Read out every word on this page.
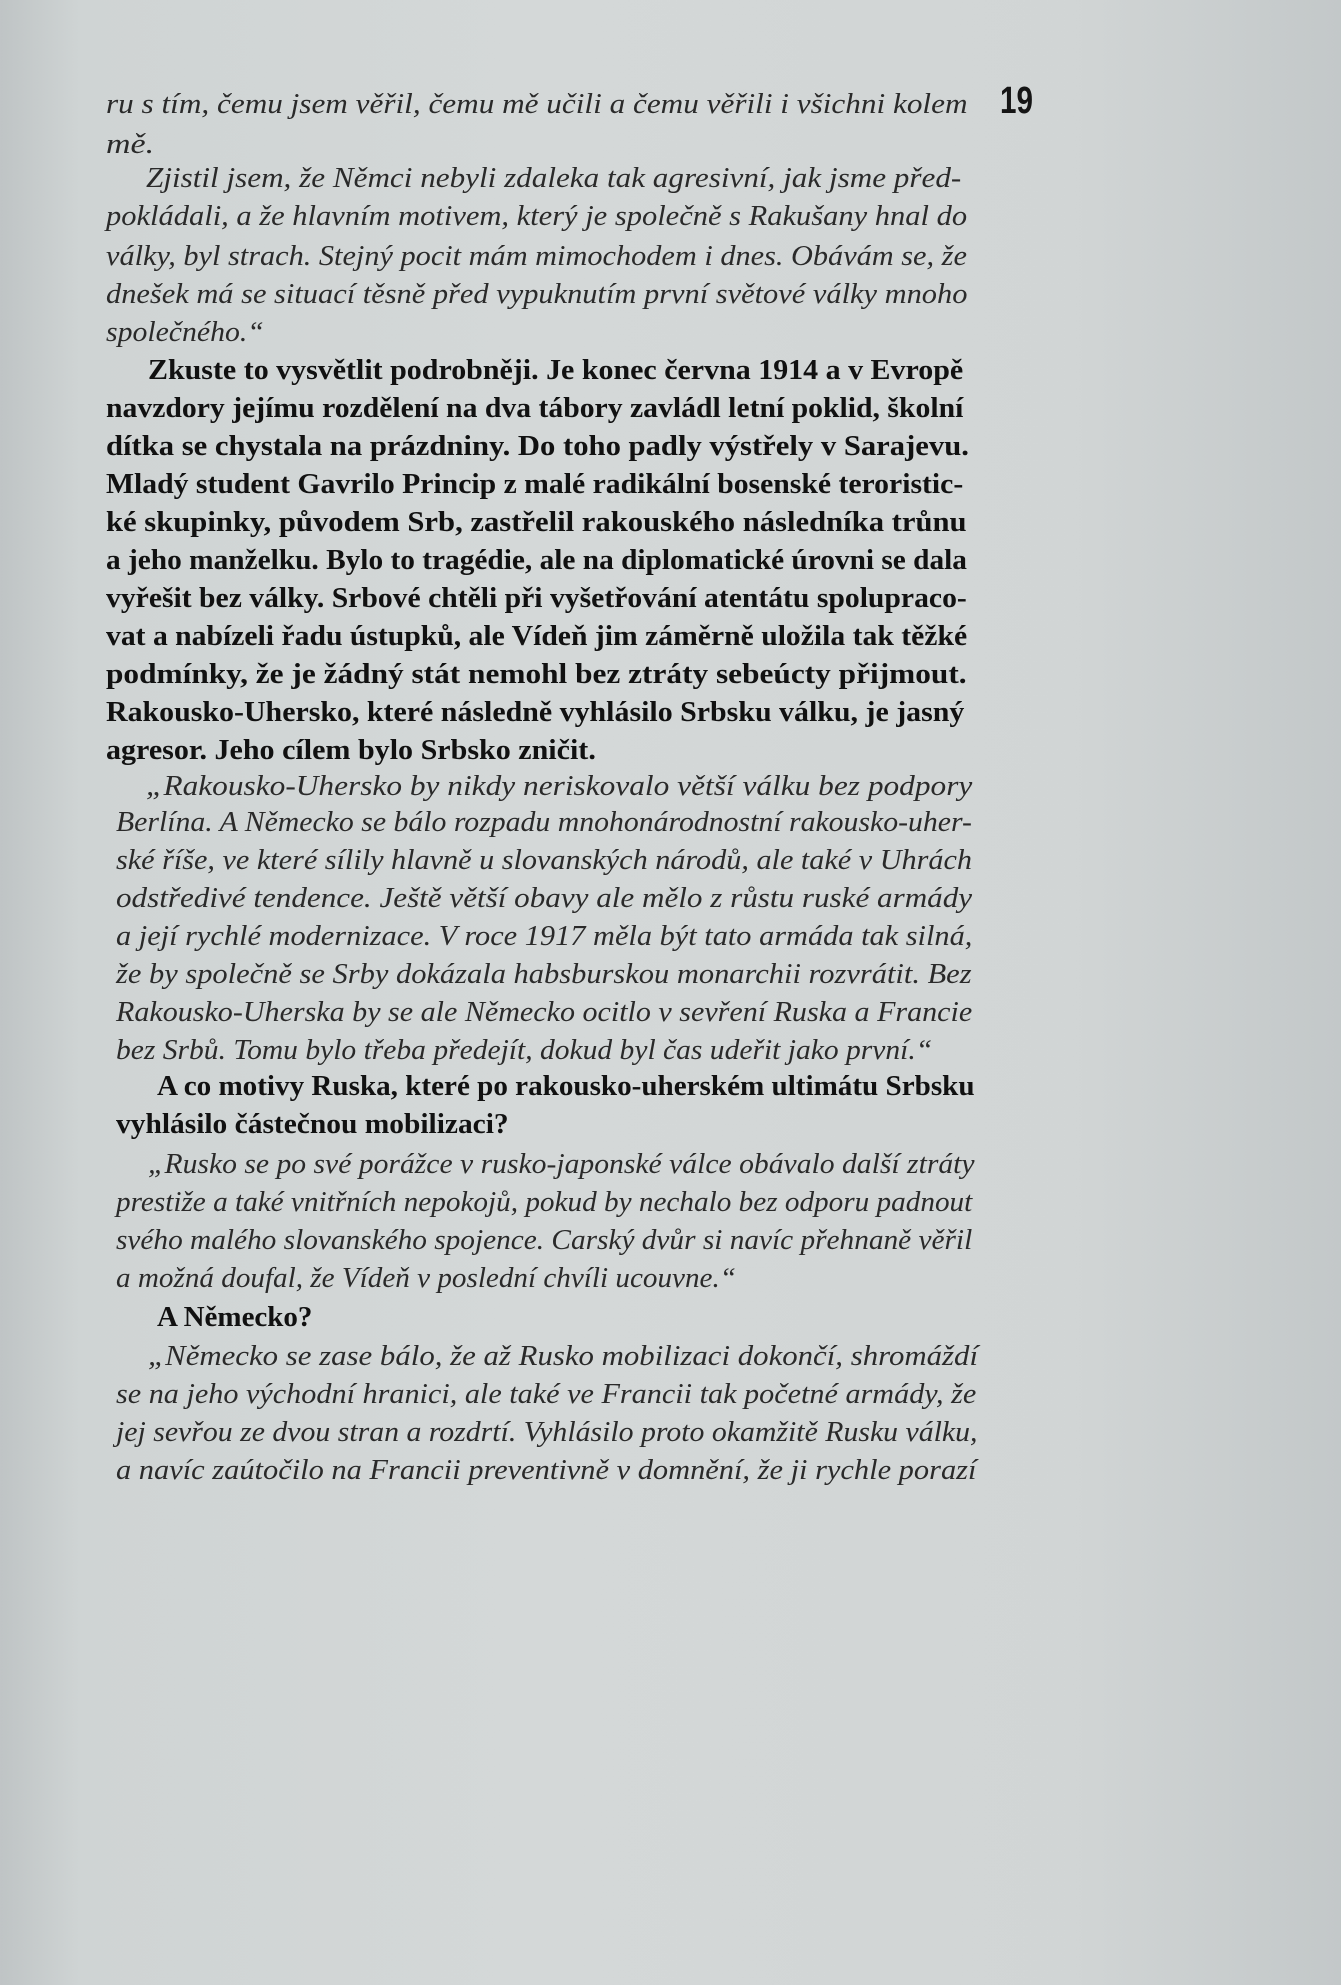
19
ru s tím, čemu jsem věřil, čemu mě učili a čemu věřili i všichni kolem
mě.
Zjistil jsem, že Němci nebyli zdaleka tak agresivní, jak jsme před-
pokládali, a že hlavním motivem, který je společně s Rakušany hnal do
války, byl strach. Stejný pocit mám mimochodem i dnes. Obávám se, že
dnešek má se situací těsně před vypuknutím první světové války mnoho
společného.“
Zkuste to vysvětlit podrobněji. Je konec června 1914 a v Evropě
navzdory jejímu rozdělení na dva tábory zavládl letní poklid, školní
dítka se chystala na prázdniny. Do toho padly výstřely v Sarajevu.
Mladý student Gavrilo Princip z malé radikální bosenské teroristic-
ké skupinky, původem Srb, zastřelil rakouského následníka trůnu
a jeho manželku. Bylo to tragédie, ale na diplomatické úrovni se dala
vyřešit bez války. Srbové chtěli při vyšetřování atentátu spolupraco-
vat a nabízeli řadu ústupků, ale Vídeň jim záměrně uložila tak těžké
podmínky, že je žádný stát nemohl bez ztráty sebeúcty přijmout.
Rakousko-Uhersko, které následně vyhlásilo Srbsku válku, je jasný
agresor. Jeho cílem bylo Srbsko zničit.
„Rakousko-Uhersko by nikdy neriskovalo větší válku bez podpory
Berlína. A Německo se bálo rozpadu mnohonárodnostní rakousko-uher-
ské říše, ve které sílily hlavně u slovanských národů, ale také v Uhrách
odstředivé tendence. Ještě větší obavy ale mělo z růstu ruské armády
a její rychlé modernizace. V roce 1917 měla být tato armáda tak silná,
že by společně se Srby dokázala habsburskou monarchii rozvrátit. Bez
Rakousko-Uherska by se ale Německo ocitlo v sevření Ruska a Francie
bez Srbů. Tomu bylo třeba předejít, dokud byl čas udeřit jako první.“
A co motivy Ruska, které po rakousko-uherském ultimátu Srbsku
vyhlásilo částečnou mobilizaci?
„Rusko se po své porážce v rusko-japonské válce obávalo další ztráty
prestiže a také vnitřních nepokojů, pokud by nechalo bez odporu padnout
svého malého slovanského spojence. Carský dvůr si navíc přehnaně věřil
a možná doufal, že Vídeň v poslední chvíli ucouvne.“
A Německo?
„Německo se zase bálo, že až Rusko mobilizaci dokončí, shromáždí
se na jeho východní hranici, ale také ve Francii tak početné armády, že
jej sevřou ze dvou stran a rozdrtí. Vyhlásilo proto okamžitě Rusku válku,
a navíc zaútočilo na Francii preventivně v domnění, že ji rychle porazí
